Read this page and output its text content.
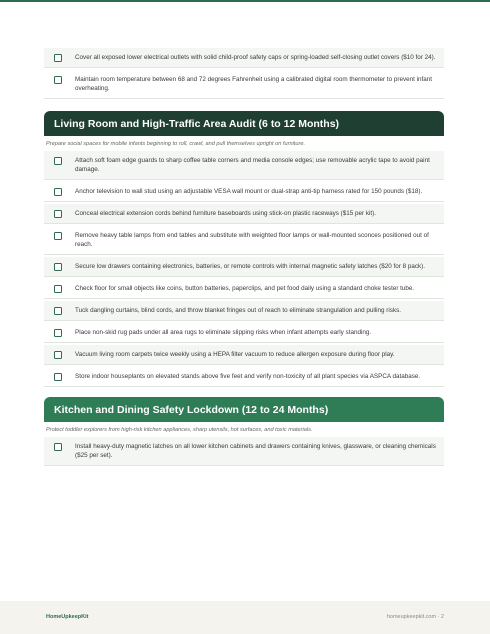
Cover all exposed lower electrical outlets with solid child-proof safety caps or spring-loaded self-closing outlet covers ($10 for 24).
Maintain room temperature between 68 and 72 degrees Fahrenheit using a calibrated digital room thermometer to prevent infant overheating.
Living Room and High-Traffic Area Audit (6 to 12 Months)
Prepare social spaces for mobile infants beginning to roll, crawl, and pull themselves upright on furniture.
Attach soft foam edge guards to sharp coffee table corners and media console edges; use removable acrylic tape to avoid paint damage.
Anchor television to wall stud using an adjustable VESA wall mount or dual-strap anti-tip harness rated for 150 pounds ($18).
Conceal electrical extension cords behind furniture baseboards using stick-on plastic raceways ($15 per kit).
Remove heavy table lamps from end tables and substitute with weighted floor lamps or wall-mounted sconces positioned out of reach.
Secure low drawers containing electronics, batteries, or remote controls with internal magnetic safety latches ($20 for 8 pack).
Check floor for small objects like coins, button batteries, paperclips, and pet food daily using a standard choke tester tube.
Tuck dangling curtains, blind cords, and throw blanket fringes out of reach to eliminate strangulation and pulling risks.
Place non-skid rug pads under all area rugs to eliminate slipping risks when infant attempts early standing.
Vacuum living room carpets twice weekly using a HEPA filter vacuum to reduce allergen exposure during floor play.
Store indoor houseplants on elevated stands above five feet and verify non-toxicity of all plant species via ASPCA database.
Kitchen and Dining Safety Lockdown (12 to 24 Months)
Protect toddler explorers from high-risk kitchen appliances, sharp utensils, hot surfaces, and toxic materials.
Install heavy-duty magnetic latches on all lower kitchen cabinets and drawers containing knives, glassware, or cleaning chemicals ($25 per set).
HomeUpkeepKit	homeupkeepkit.com · 2
